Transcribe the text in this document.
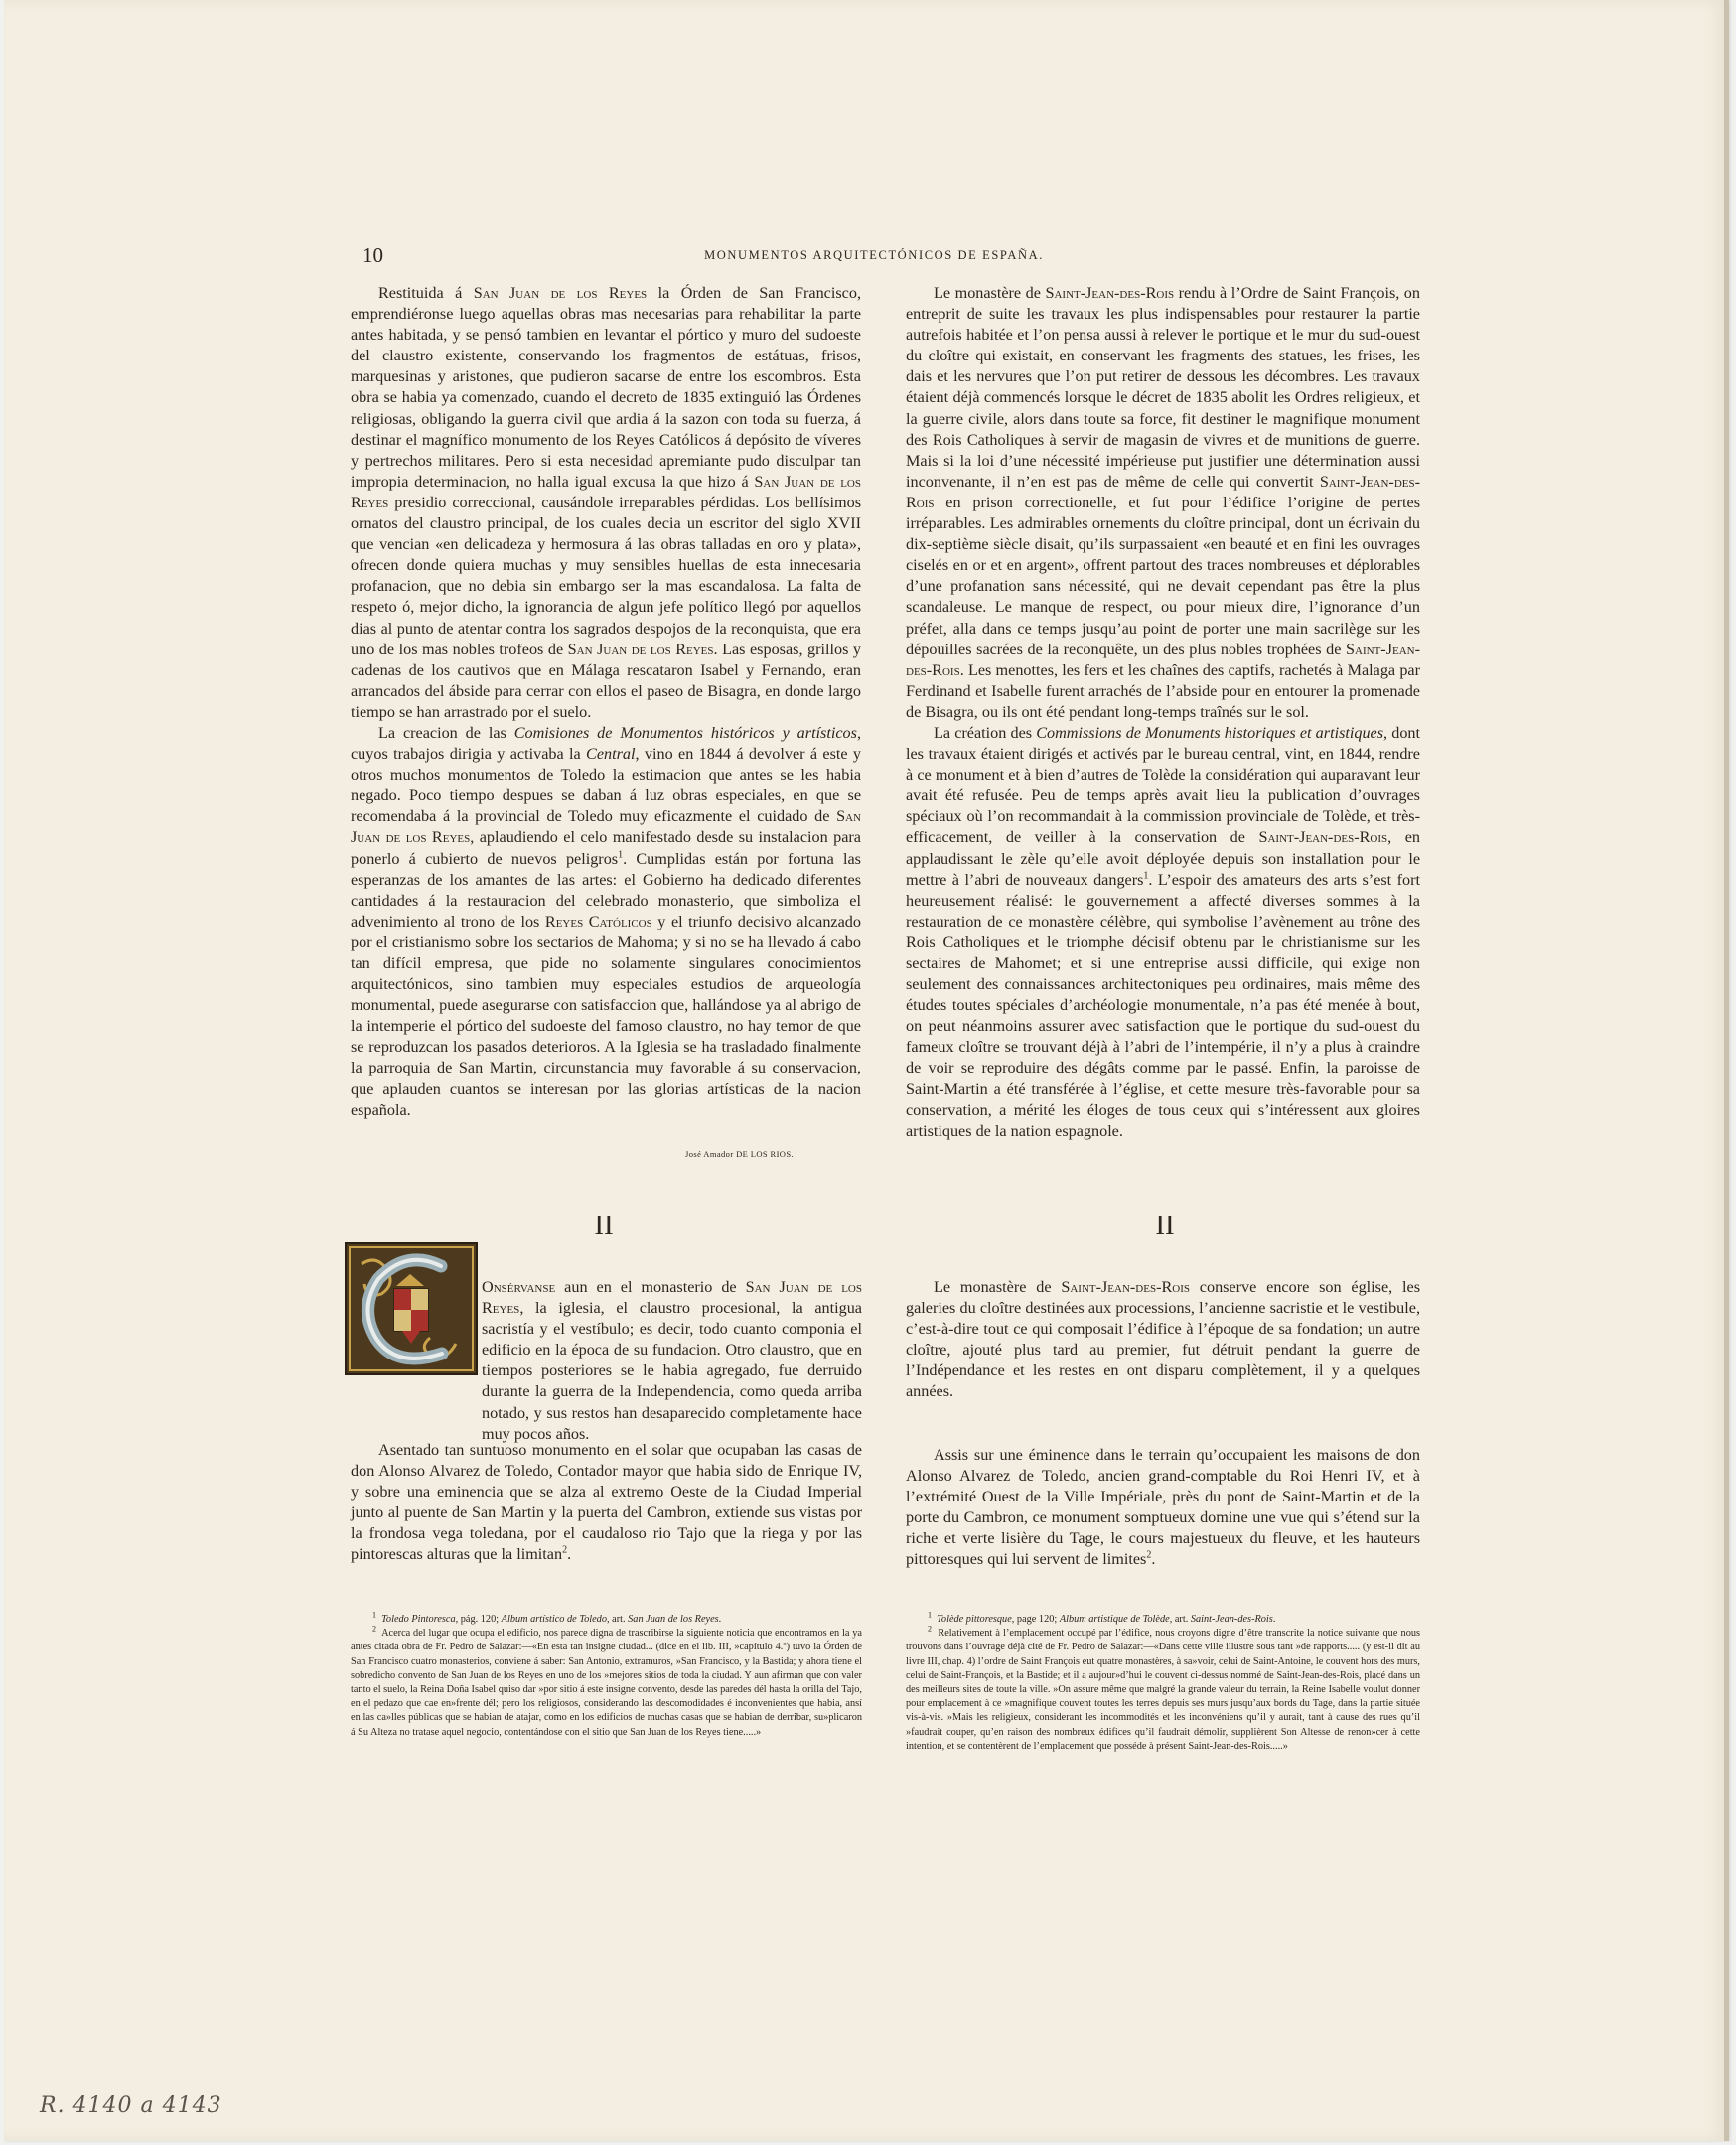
10	MONUMENTOS ARQUITECTÓNICOS DE ESPAÑA.

Restituida á San Juan de los Reyes la Órden de San Francisco, emprendiéronse luego aquellas obras mas necesarias para rehabilitar la parte antes habitada, y se pensó tambien en levantar el pórtico y muro del sudoeste del claustro existente, conservando los fragmentos de estátuas, frisos, marquesinas y aristones, que pudieron sacarse de entre los escombros. Esta obra se habia ya comenzado, cuando el decreto de 1835 extinguió las Órdenes religiosas, obligando la guerra civil que ardia á la sazon con toda su fuerza, á destinar el magnífico monumento de los Reyes Católicos á depósito de víveres y pertrechos militares. Pero si esta necesidad apremiante pudo disculpar tan impropia determinacion, no halla igual excusa la que hizo á San Juan de los Reyes presidio correccional, causándole irreparables pérdidas. Los bellísimos ornatos del claustro principal, de los cuales decia un escritor del siglo XVII que vencian «en delicadeza y hermosura á las obras talladas en oro y plata», ofrecen donde quiera muchas y muy sensibles huellas de esta innecesaria profanacion, que no debia sin embargo ser la mas escandalosa. La falta de respeto ó, mejor dicho, la ignorancia de algun jefe político llegó por aquellos dias al punto de atentar contra los sagrados despojos de la reconquista, que era uno de los mas nobles trofeos de San Juan de los Reyes. Las esposas, grillos y cadenas de los cautivos que en Málaga rescataron Isabel y Fernando, eran arrancados del ábside para cerrar con ellos el paseo de Bisagra, en donde largo tiempo se han arrastrado por el suelo.

La creacion de las Comisiones de Monumentos históricos y artísticos, cuyos trabajos dirigia y activaba la Central, vino en 1844 á devolver á este y otros muchos monumentos de Toledo la estimacion que antes se les habia negado. Poco tiempo despues se daban á luz obras especiales, en que se recomendaba á la provincial de Toledo muy eficazmente el cuidado de San Juan de los Reyes, aplaudiendo el celo manifestado desde su instalacion para ponerlo á cubierto de nuevos peligros$^1$. Cumplidas están por fortuna las esperanzas de los amantes de las artes: el Gobierno ha dedicado diferentes cantidades á la restauracion del celebrado monasterio, que simboliza el advenimiento al trono de los Reyes Católicos y el triunfo decisivo alcanzado por el cristianismo sobre los sectarios de Mahoma; y si no se ha llevado á cabo tan difícil empresa, que pide no solamente singulares conocimientos arquitectónicos, sino tambien muy especiales estudios de arqueología monumental, puede asegurarse con satisfaccion que, hallándose ya al abrigo de la intemperie el pórtico del sudoeste del famoso claustro, no hay temor de que se reproduzcan los pasados deterioros. A la Iglesia se ha trasladado finalmente la parroquia de San Martin, circunstancia muy favorable á su conservacion, que aplauden cuantos se interesan por las glorias artísticas de la nacion española.

José Amador DE LOS RIOS.

Le monastère de Saint-Jean-des-Rois rendu à l’Ordre de Saint François, on entreprit de suite les travaux les plus indispensables pour restaurer la partie autrefois habitée et l’on pensa aussi à relever le portique et le mur du sud-ouest du cloître qui existait, en conservant les fragments des statues, les frises, les dais et les nervures que l’on put retirer de dessous les décombres. Les travaux étaient déjà commencés lorsque le décret de 1835 abolit les Ordres religieux, et la guerre civile, alors dans toute sa force, fit destiner le magnifique monument des Rois Catholiques à servir de magasin de vivres et de munitions de guerre. Mais si la loi d’une nécessité impérieuse put justifier une détermination aussi inconvenante, il n’en est pas de même de celle qui convertit Saint-Jean-des-Rois en prison correctionelle, et fut pour l’édifice l’origine de pertes irréparables. Les admirables ornements du cloître principal, dont un écrivain du dix-septième siècle disait, qu’ils surpassaient «en beauté et en fini les ouvrages ciselés en or et en argent», offrent partout des traces nombreuses et déplorables d’une profanation sans nécessité, qui ne devait cependant pas être la plus scandaleuse. Le manque de respect, ou pour mieux dire, l’ignorance d’un préfet, alla dans ce temps jusqu’au point de porter une main sacrilège sur les dépouilles sacrées de la reconquête, un des plus nobles trophées de Saint-Jean-des-Rois. Les menottes, les fers et les chaînes des captifs, rachetés à Malaga par Ferdinand et Isabelle furent arrachés de l’abside pour en entourer la promenade de Bisagra, ou ils ont été pendant long-temps traînés sur le sol.

La création des Commissions de Monuments historiques et artistiques, dont les travaux étaient dirigés et activés par le bureau central, vint, en 1844, rendre à ce monument et à bien d’autres de Tolède la considération qui auparavant leur avait été refusée. Peu de temps après avait lieu la publication d’ouvrages spéciaux où l’on recommandait à la commission provinciale de Tolède, et très-efficacement, de veiller à la conservation de Saint-Jean-des-Rois, en applaudissant le zèle qu’elle avoit déployée depuis son installation pour le mettre à l’abri de nouveaux dangers$^1$. L’espoir des amateurs des arts s’est fort heureusement réalisé: le gouvernement a affecté diverses sommes à la restauration de ce monastère célèbre, qui symbolise l’avènement au trône des Rois Catholiques et le triomphe décisif obtenu par le christianisme sur les sectaires de Mahomet; et si une entreprise aussi difficile, qui exige non seulement des connaissances architectoniques peu ordinaires, mais même des études toutes spéciales d’archéologie monumentale, n’a pas été menée à bout, on peut néanmoins assurer avec satisfaction que le portique du sud-ouest du fameux cloître se trouvant déjà à l’abri de l’intempérie, il n’y a plus à craindre de voir se reproduire des dégâts comme par le passé. Enfin, la paroisse de Saint-Martin a été transférée à l’église, et cette mesure très-favorable pour sa conservation, a mérité les éloges de tous ceux qui s’intéressent aux gloires artistiques de la nation espagnole.

II	II

Onsérvanse aun en el monasterio de San Juan de los Reyes, la iglesia, el claustro procesional, la antigua sacristía y el vestíbulo; es decir, todo cuanto componia el edificio en la época de su fundacion. Otro claustro, que en tiempos posteriores se le habia agregado, fue derruido durante la guerra de la Independencia, como queda arriba notado, y sus restos han desaparecido completamente hace muy pocos años.

Asentado tan suntuoso monumento en el solar que ocupaban las casas de don Alonso Alvarez de Toledo, Contador mayor que habia sido de Enrique IV, y sobre una eminencia que se alza al extremo Oeste de la Ciudad Imperial junto al puente de San Martin y la puerta del Cambron, extiende sus vistas por la frondosa vega toledana, por el caudaloso rio Tajo que la riega y por las pintorescas alturas que la limitan$^2$.

Le monastère de Saint-Jean-des-Rois conserve encore son église, les galeries du cloître destinées aux processions, l’ancienne sacristie et le vestibule, c’est-à-dire tout ce qui composait l’édifice à l’époque de sa fondation; un autre cloître, ajouté plus tard au premier, fut détruit pendant la guerre de l’Indépendance et les restes en ont disparu complètement, il y a quelques années.

Assis sur une éminence dans le terrain qu’occupaient les maisons de don Alonso Alvarez de Toledo, ancien grand-comptable du Roi Henri IV, et à l’extrémité Ouest de la Ville Impériale, près du pont de Saint-Martin et de la porte du Cambron, ce monument somptueux domine une vue qui s’étend sur la riche et verte lisière du Tage, le cours majestueux du fleuve, et les hauteurs pittoresques qui lui servent de limites$^2$.

$^1$ Toledo Pintoresca, pág. 120; Album artístico de Toledo, art. San Juan de los Reyes.

$^2$ Acerca del lugar que ocupa el edificio, nos parece digna de trascribirse la siguiente noticia que encontramos en la ya antes citada obra de Fr. Pedro de Salazar:—«En esta tan insigne ciudad... (dice en el lib. III, »capítulo 4.º) tuvo la Órden de San Francisco cuatro monasterios, conviene á saber: San Antonio, extramuros, »San Francisco, y la Bastida; y ahora tiene el sobredicho convento de San Juan de los Reyes en uno de los »mejores sitios de toda la ciudad. Y aun afirman que con valer tanto el suelo, la Reina Doña Isabel quiso dar »por sitio á este insigne convento, desde las paredes dél hasta la orilla del Tajo, en el pedazo que cae en»frente dél; pero los religiosos, considerando las descomodidades é inconvenientes que habia, ansí en las ca»lles públicas que se habian de atajar, como en los edificios de muchas casas que se habian de derribar, su»plicaron á Su Alteza no tratase aquel negocio, contentándose con el sitio que San Juan de los Reyes tiene.....»

$^1$ Tolède pittoresque, page 120; Album artistique de Tolède, art. Saint-Jean-des-Rois.

$^2$ Relativement à l’emplacement occupé par l’édifice, nous croyons digne d’être transcrite la notice suivante que nous trouvons dans l’ouvrage déjà cité de Fr. Pedro de Salazar:—«Dans cette ville illustre sous tant »de rapports..... (y est-il dit au livre III, chap. 4) l’ordre de Saint François eut quatre monastères, à sa»voir, celui de Saint-Antoine, le couvent hors des murs, celui de Saint-François, et la Bastide; et il a aujour»d’hui le couvent ci-dessus nommé de Saint-Jean-des-Rois, placé dans un des meilleurs sites de toute la ville. »On assure même que malgré la grande valeur du terrain, la Reine Isabelle voulut donner pour emplacement à ce »magnifique couvent toutes les terres depuis ses murs jusqu’aux bords du Tage, dans la partie située vis-à-vis. »Mais les religieux, considerant les incommodités et les inconvéniens qu’il y aurait, tant à cause des rues qu’il »faudrait couper, qu’en raison des nombreux édifices qu’il faudrait démolir, supplièrent Son Altesse de renon»cer à cette intention, et se contentèrent de l’emplacement que posséde à présent Saint-Jean-des-Rois.....»

R. 4140 a 4143
